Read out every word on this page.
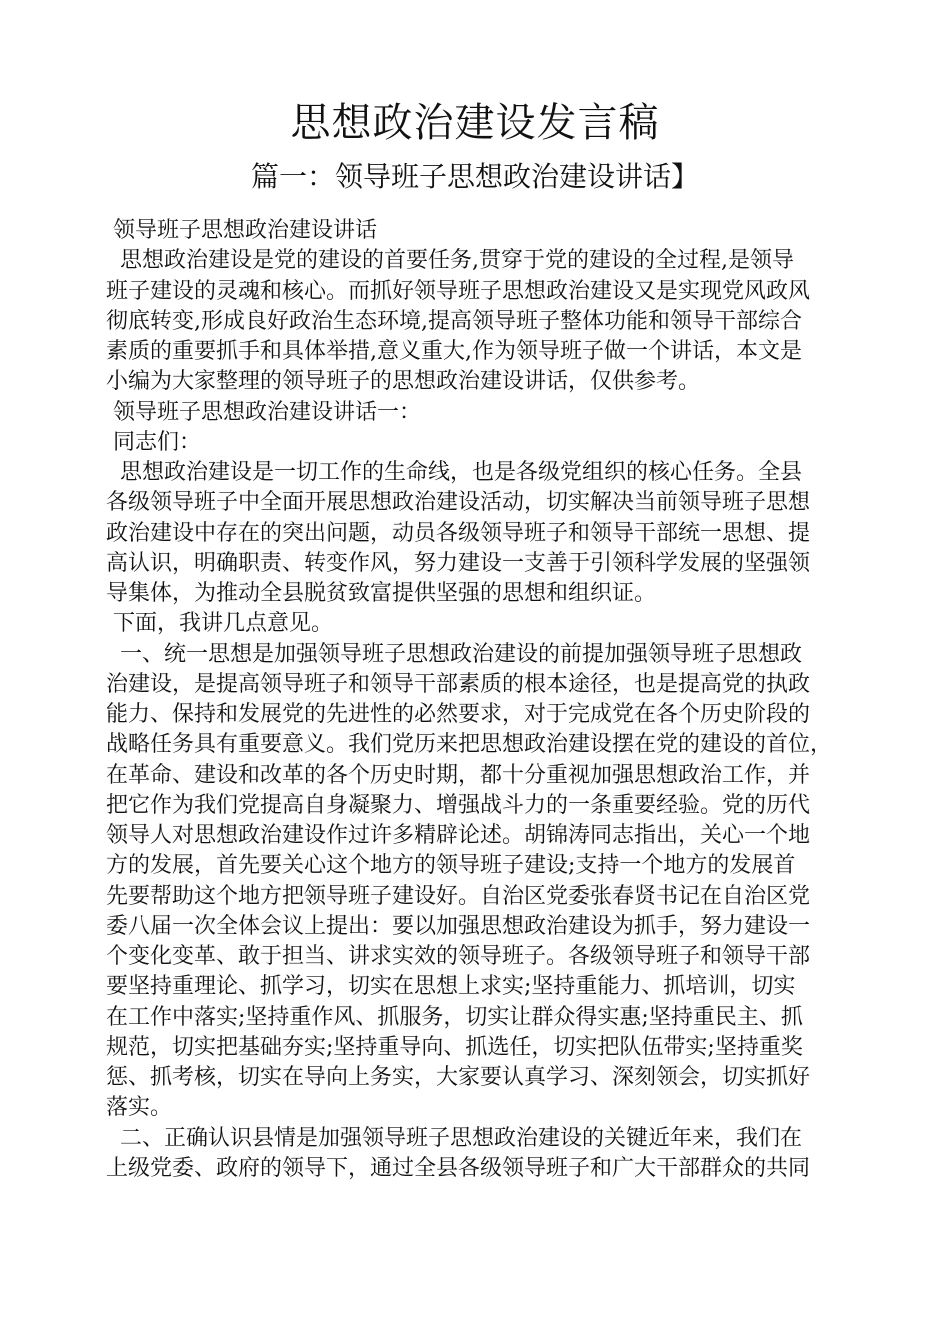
思想政治建设发言稿
篇一：领导班子思想政治建设讲话】
领导班子思想政治建设讲话
思想政治建设是党的建设的首要任务,贯穿于党的建设的全过程,是领导
班子建设的灵魂和核心。而抓好领导班子思想政治建设又是实现党风政风
彻底转变,形成良好政治生态环境,提高领导班子整体功能和领导干部综合
素质的重要抓手和具体举措,意义重大,作为领导班子做一个讲话，本文是
小编为大家整理的领导班子的思想政治建设讲话，仅供参考。
领导班子思想政治建设讲话一：
同志们：
思想政治建设是一切工作的生命线，也是各级党组织的核心任务。全县
各级领导班子中全面开展思想政治建设活动，切实解决当前领导班子思想
政治建设中存在的突出问题，动员各级领导班子和领导干部统一思想、提
高认识，明确职责、转变作风，努力建设一支善于引领科学发展的坚强领
导集体，为推动全县脱贫致富提供坚强的思想和组织证。
下面，我讲几点意见。
一、统一思想是加强领导班子思想政治建设的前提加强领导班子思想政
治建设，是提高领导班子和领导干部素质的根本途径，也是提高党的执政
能力、保持和发展党的先进性的必然要求，对于完成党在各个历史阶段的
战略任务具有重要意义。我们党历来把思想政治建设摆在党的建设的首位，
在革命、建设和改革的各个历史时期，都十分重视加强思想政治工作，并
把它作为我们党提高自身凝聚力、增强战斗力的一条重要经验。党的历代
领导人对思想政治建设作过许多精辟论述。胡锦涛同志指出，关心一个地
方的发展，首先要关心这个地方的领导班子建设;支持一个地方的发展首
先要帮助这个地方把领导班子建设好。自治区党委张春贤书记在自治区党
委八届一次全体会议上提出：要以加强思想政治建设为抓手，努力建设一
个变化变革、敢于担当、讲求实效的领导班子。各级领导班子和领导干部
要坚持重理论、抓学习，切实在思想上求实;坚持重能力、抓培训，切实
在工作中落实;坚持重作风、抓服务，切实让群众得实惠;坚持重民主、抓
规范，切实把基础夯实;坚持重导向、抓选任，切实把队伍带实;坚持重奖
惩、抓考核，切实在导向上务实，大家要认真学习、深刻领会，切实抓好
落实。
二、正确认识县情是加强领导班子思想政治建设的关键近年来，我们在
上级党委、政府的领导下，通过全县各级领导班子和广大干部群众的共同
